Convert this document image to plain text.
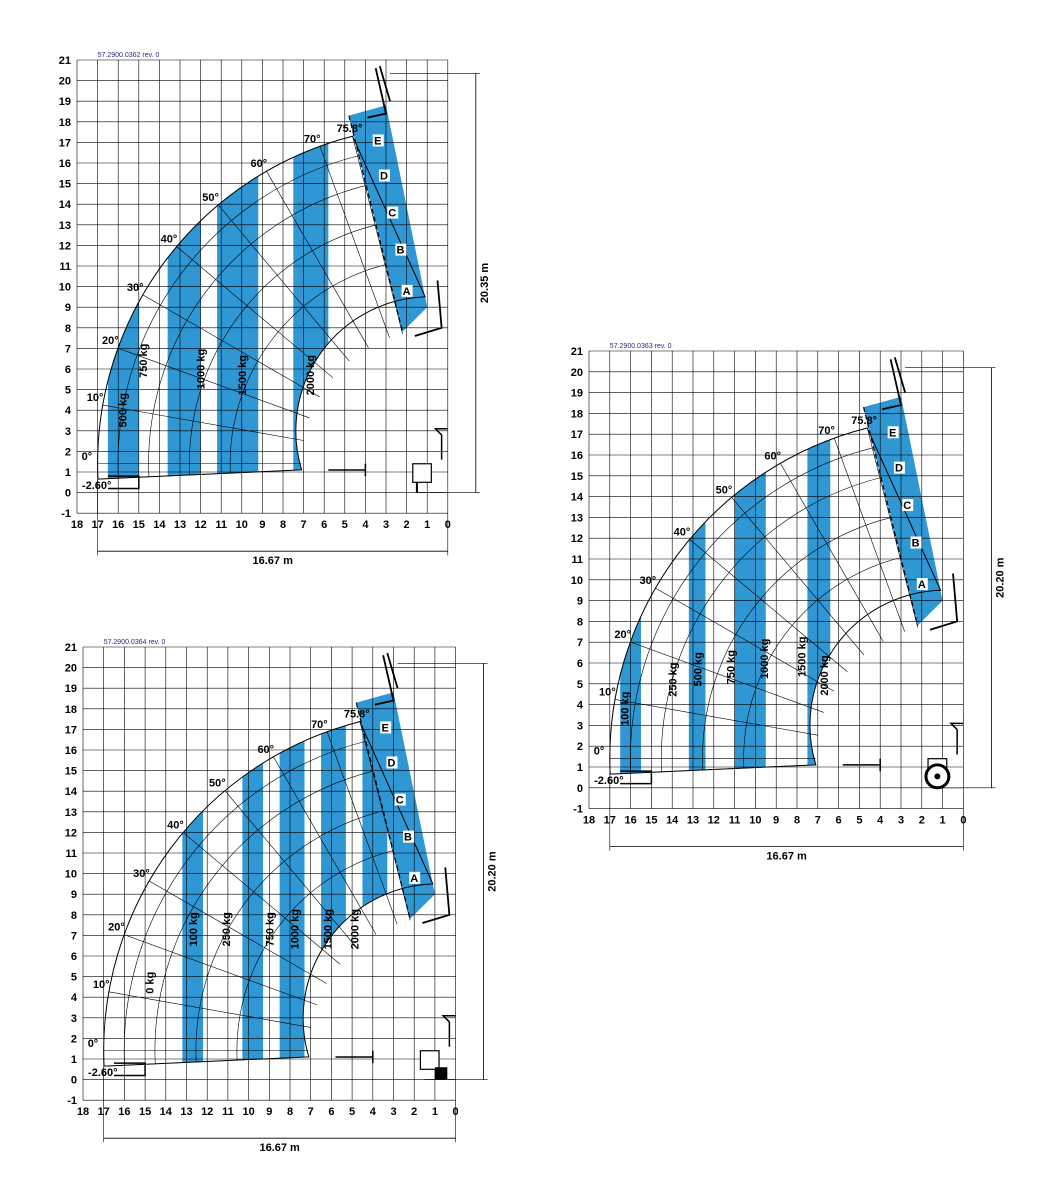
0°
-2.60°
10°
20°
30°
40°
50°
60°
70°
75.8°
500 kg
750 kg	1000 kg	1500 kg	2000 kg
A
B
C
D
E
18 17 16 15 14 13 12 11 10 9 8 7 6 5 4 3 2 1 0
-1
0
1
2
3
4
5
6
7
8
9
10
11
12
13
14
15
16
17
18
19
20
21	57.2900.0362 rev. 0
20.35 m
16.67 m
0°
-2.60°
10°
20°
30°
40°
50°
60°
70°
75.8°
100 kg
250 kg 500 kg 750 kg 1000 kg 1500 kg 2000 kg
A
B
C
D
E
18 17 16 15 14 13 12 11 10 9 8 7 6 5 4 3 2 1 0
-1
0
1
2
3
4
5
6
7
8
9
10
11
12
13
14
15
16
17
18
19
20
21	57.2900.0363 rev. 0
20.20 m
16.67 m
0°
-2.60°
10°
20°
30°
40°
50°
60°
70°
75.8°
0 kg
100 kg 250 kg	750 kg 1000 kg 1500 kg 2000 kg
A
B
C
D
E
18 17 16 15 14 13 12 11 10 9 8 7 6 5 4 3 2 1 0
-1
0
1
2
3
4
5
6
7
8
9
10
11
12
13
14
15
16
17
18
19
20
21	57.2900.0364 rev. 0
20.20 m
16.67 m
